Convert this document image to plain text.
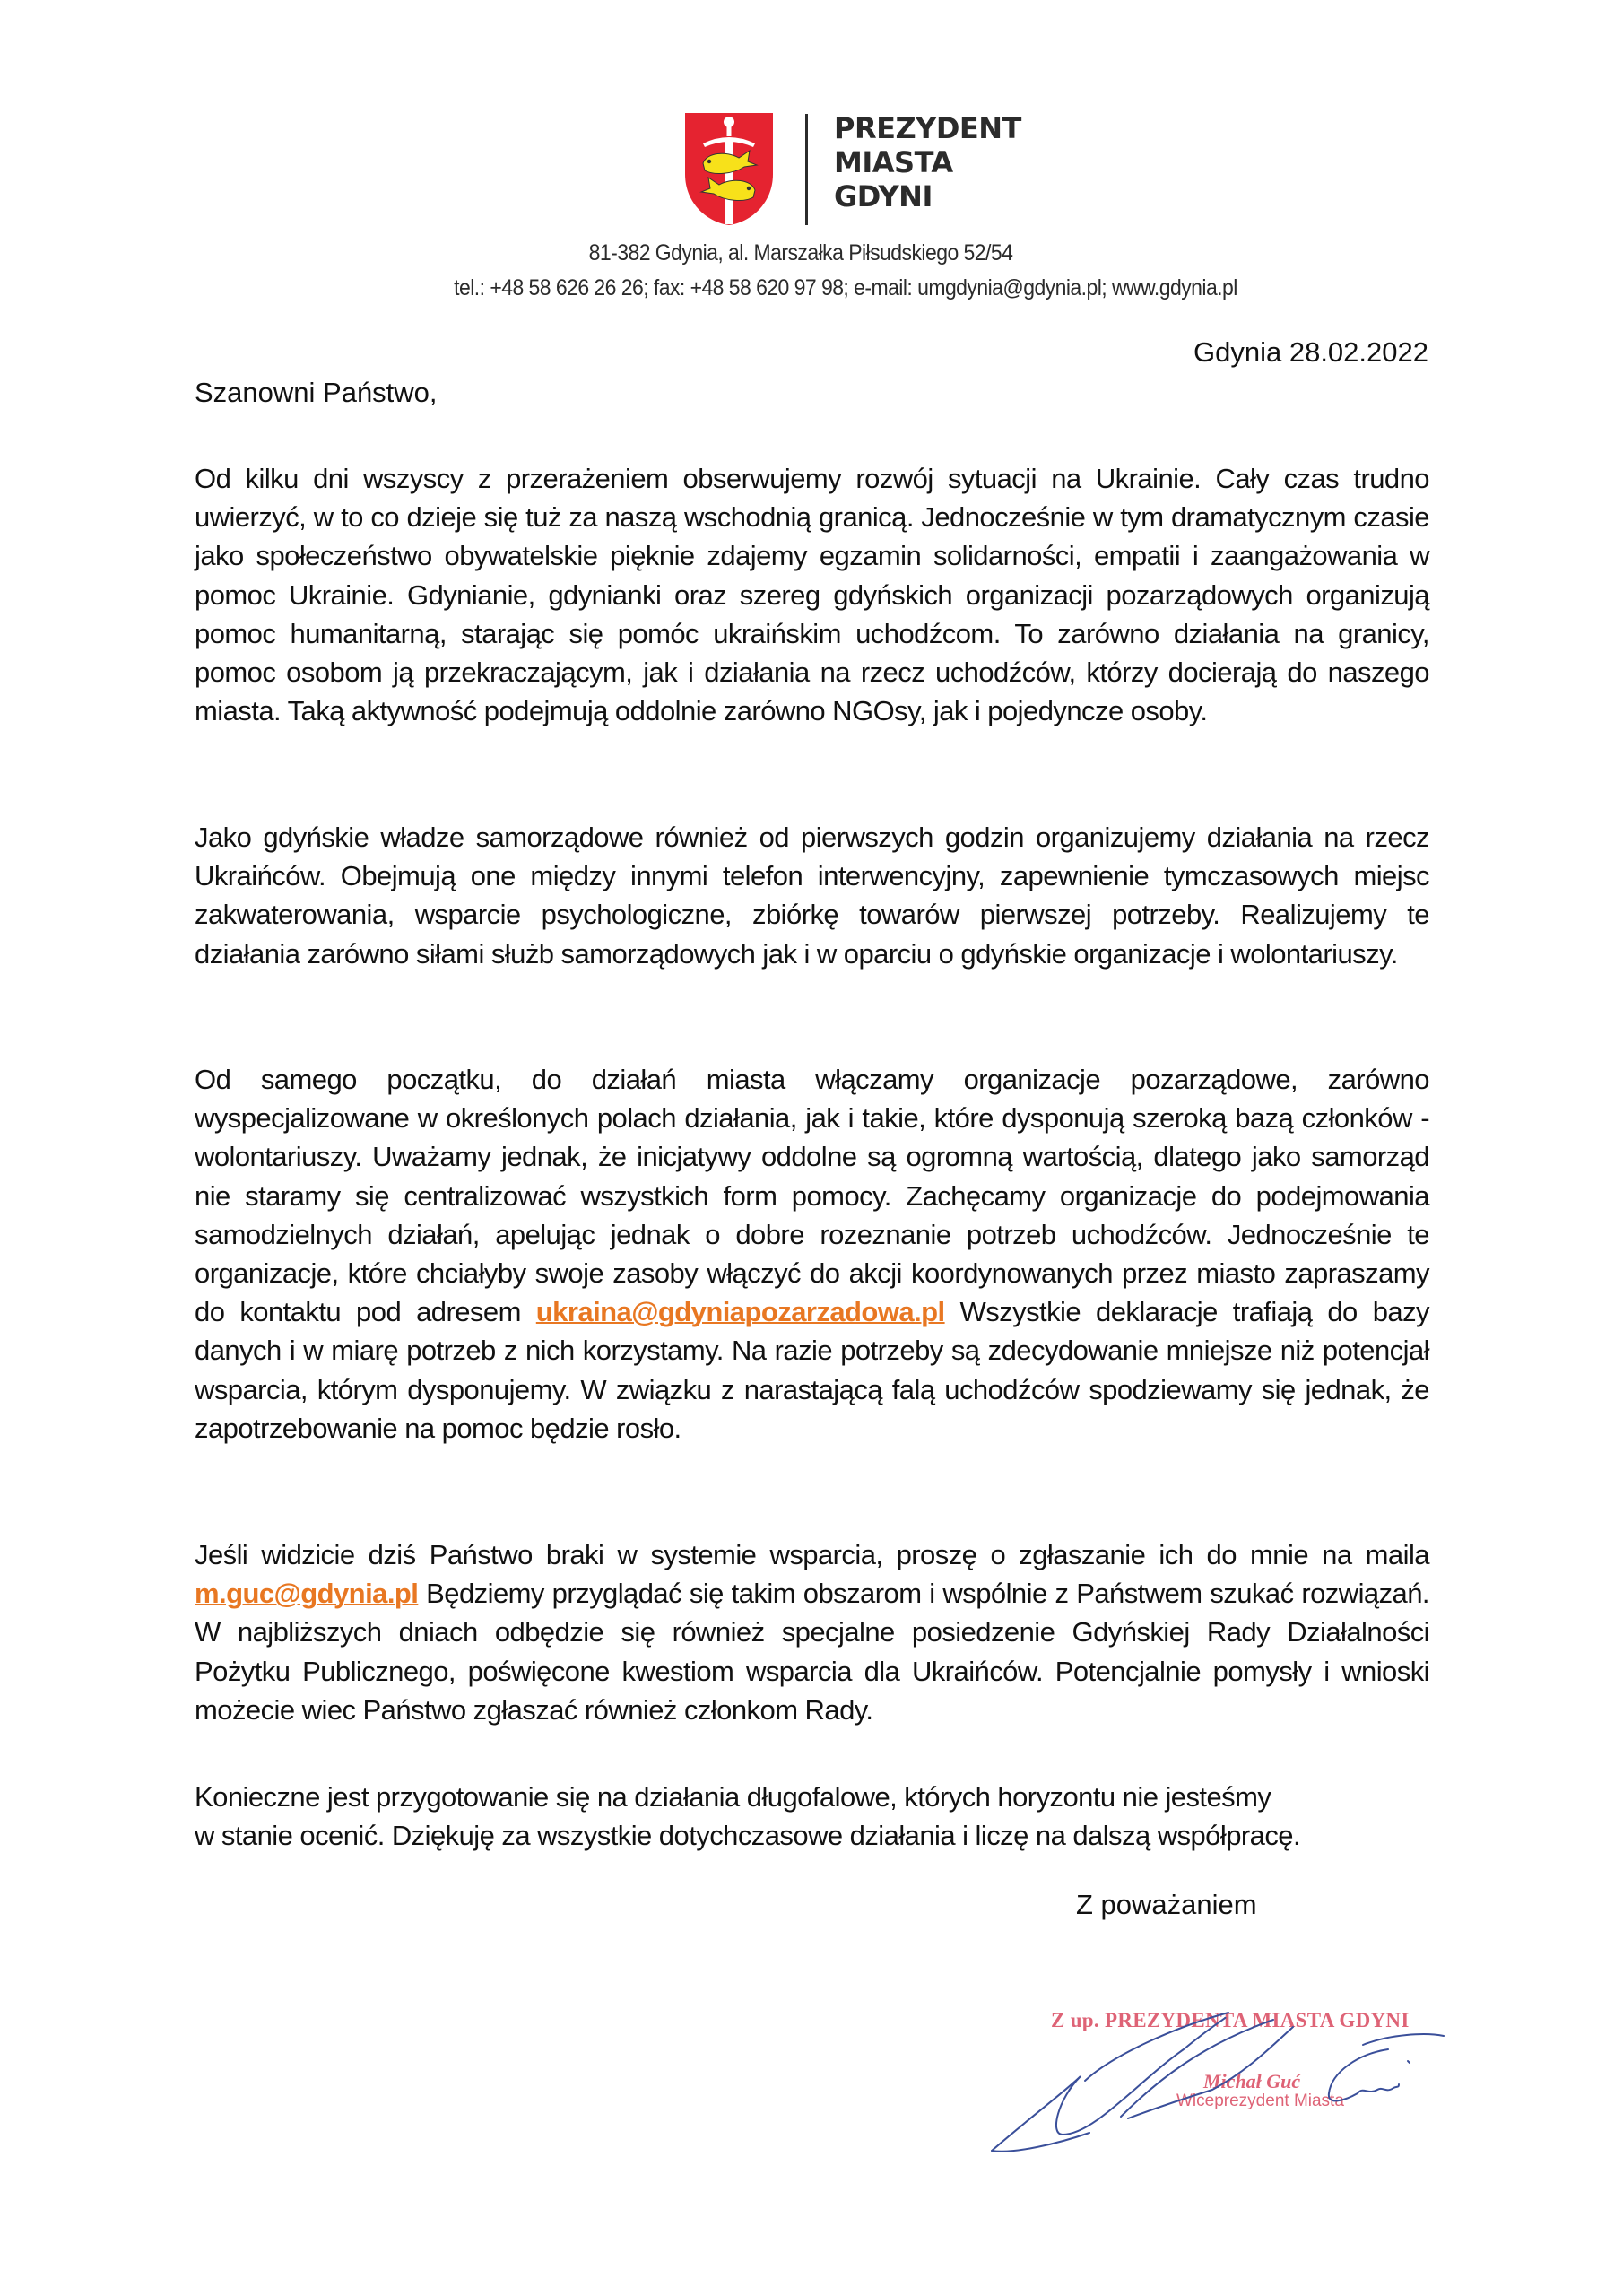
PREZYDENT
MIASTA
GDYNI
81-382 Gdynia, al. Marszałka Piłsudskiego 52/54
tel.: +48 58 626 26 26; fax: +48 58 620 97 98; e-mail: umgdynia@gdynia.pl; www.gdynia.pl
Gdynia 28.02.2022
Szanowni Państwo,

Od kilku dni wszyscy z przerażeniem obserwujemy rozwój sytuacji na Ukrainie. Cały czas trudno uwierzyć, w to co dzieje się tuż za naszą wschodnią granicą. Jednocześnie w tym dramatycznym czasie jako społeczeństwo obywatelskie pięknie zdajemy egzamin solidarności, empatii i zaangażowania w pomoc Ukrainie. Gdynianie, gdynianki oraz szereg gdyńskich organizacji pozarządowych organizują pomoc humanitarną, starając się pomóc ukraińskim uchodźcom. To zarówno działania na granicy, pomoc osobom ją przekraczającym, jak i działania na rzecz uchodźców, którzy docierają do naszego miasta. Taką aktywność podejmują oddolnie zarówno NGOsy, jak i pojedyncze osoby.

Jako gdyńskie władze samorządowe również od pierwszych godzin organizujemy działania na rzecz Ukraińców. Obejmują one między innymi telefon interwencyjny, zapewnienie tymczasowych miejsc zakwaterowania, wsparcie psychologiczne, zbiórkę towarów pierwszej potrzeby. Realizujemy te działania zarówno siłami służb samorządowych jak i w oparciu o gdyńskie organizacje i wolontariuszy.

Od samego początku, do działań miasta włączamy organizacje pozarządowe, zarówno wyspecjalizowane w określonych polach działania, jak i takie, które dysponują szeroką bazą członków - wolontariuszy. Uważamy jednak, że inicjatywy oddolne są ogromną wartością, dlatego jako samorząd nie staramy się centralizować wszystkich form pomocy. Zachęcamy organizacje do podejmowania samodzielnych działań, apelując jednak o dobre rozeznanie potrzeb uchodźców. Jednocześnie te organizacje, które chciałyby swoje zasoby włączyć do akcji koordynowanych przez miasto zapraszamy do kontaktu pod adresem ukraina@gdyniapozarzadowa.pl Wszystkie deklaracje trafiają do bazy danych i w miarę potrzeb z nich korzystamy. Na razie potrzeby są zdecydowanie mniejsze niż potencjał wsparcia, którym dysponujemy. W związku z narastającą falą uchodźców spodziewamy się jednak, że zapotrzebowanie na pomoc będzie rosło.

Jeśli widzicie dziś Państwo braki w systemie wsparcia, proszę o zgłaszanie ich do mnie na maila m.guc@gdynia.pl Będziemy przyglądać się takim obszarom i wspólnie z Państwem szukać rozwiązań. W najbliższych dniach odbędzie się również specjalne posiedzenie Gdyńskiej Rady Działalności Pożytku Publicznego, poświęcone kwestiom wsparcia dla Ukraińców. Potencjalnie pomysły i wnioski możecie wiec Państwo zgłaszać również członkom Rady.

Konieczne jest przygotowanie się na działania długofalowe, których horyzontu nie jesteśmy
w stanie ocenić. Dziękuję za wszystkie dotychczasowe działania i liczę na dalszą współpracę.
Z poważaniem
Z up. PREZYDENTA MIASTA GDYNI
Michał Guć
Wiceprezydent Miasta
